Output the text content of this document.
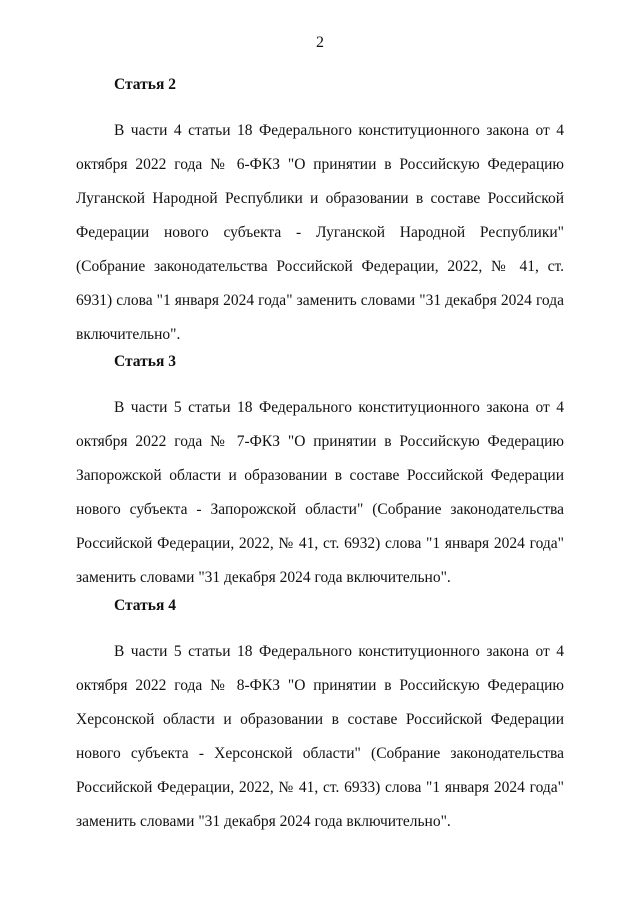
2
Статья 2

В части 4 статьи 18 Федерального конституционного закона от 4 октября 2022 года № 6-ФКЗ "О принятии в Российскую Федерацию Луганской Народной Республики и образовании в составе Российской Федерации нового субъекта - Луганской Народной Республики" (Собрание законодательства Российской Федерации, 2022, № 41, ст. 6931) слова "1 января 2024 года" заменить словами "31 декабря 2024 года включительно".

Статья 3

В части 5 статьи 18 Федерального конституционного закона от 4 октября 2022 года № 7-ФКЗ "О принятии в Российскую Федерацию Запорожской области и образовании в составе Российской Федерации нового субъекта - Запорожской области" (Собрание законодательства Российской Федерации, 2022, № 41, ст. 6932) слова "1 января 2024 года" заменить словами "31 декабря 2024 года включительно".

Статья 4

В части 5 статьи 18 Федерального конституционного закона от 4 октября 2022 года № 8-ФКЗ "О принятии в Российскую Федерацию Херсонской области и образовании в составе Российской Федерации нового субъекта - Херсонской области" (Собрание законодательства Российской Федерации, 2022, № 41, ст. 6933) слова "1 января 2024 года" заменить словами "31 декабря 2024 года включительно".
